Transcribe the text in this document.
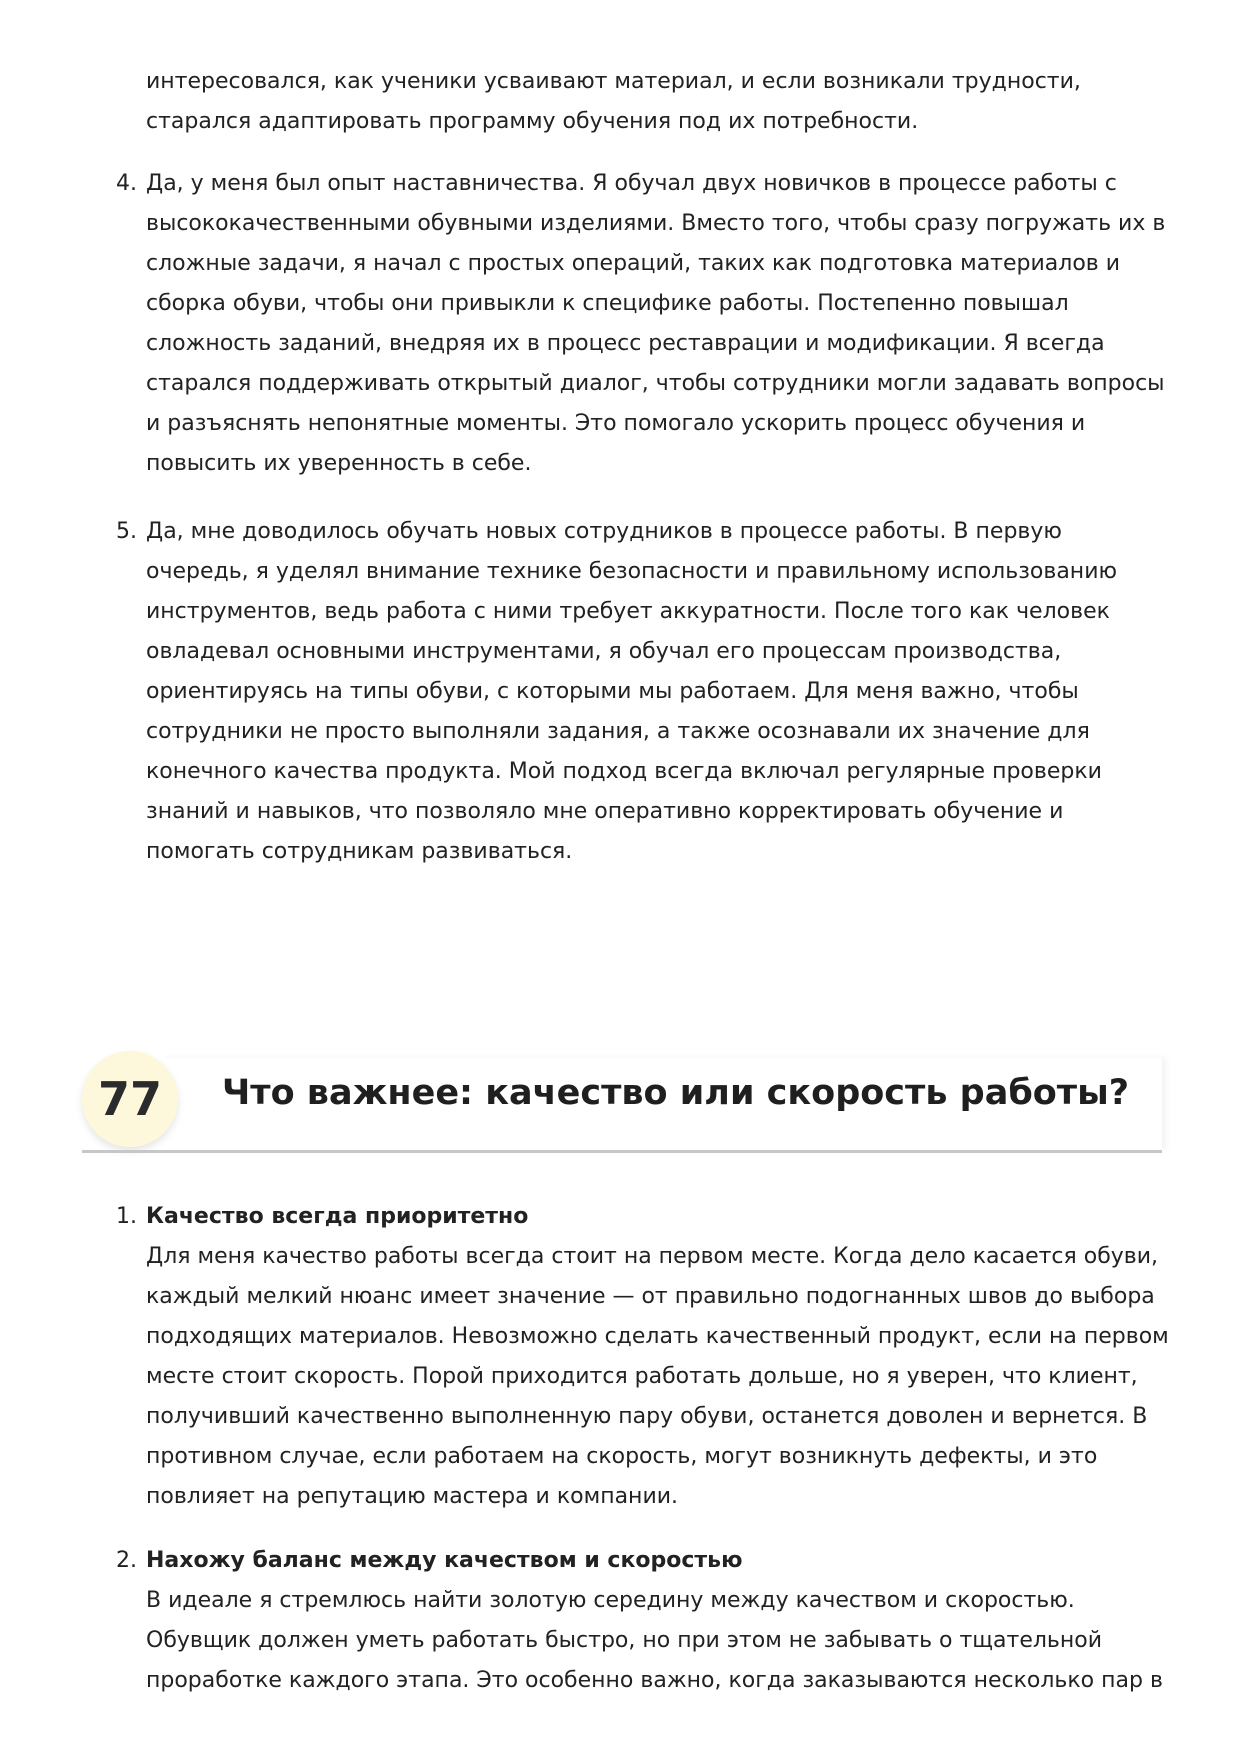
интересовался, как ученики усваивают материал, и если возникали трудности,
старался адаптировать программу обучения под их потребности.

4. Да, у меня был опыт наставничества. Я обучал двух новичков в процессе работы с
высококачественными обувными изделиями. Вместо того, чтобы сразу погружать их в
сложные задачи, я начал с простых операций, таких как подготовка материалов и
сборка обуви, чтобы они привыкли к специфике работы. Постепенно повышал
сложность заданий, внедряя их в процесс реставрации и модификации. Я всегда
старался поддерживать открытый диалог, чтобы сотрудники могли задавать вопросы
и разъяснять непонятные моменты. Это помогало ускорить процесс обучения и
повысить их уверенность в себе.

5. Да, мне доводилось обучать новых сотрудников в процессе работы. В первую
очередь, я уделял внимание технике безопасности и правильному использованию
инструментов, ведь работа с ними требует аккуратности. После того как человек
овладевал основными инструментами, я обучал его процессам производства,
ориентируясь на типы обуви, с которыми мы работаем. Для меня важно, чтобы
сотрудники не просто выполняли задания, а также осознавали их значение для
конечного качества продукта. Мой подход всегда включал регулярные проверки
знаний и навыков, что позволяло мне оперативно корректировать обучение и
помогать сотрудникам развиваться.

77	Что важнее: качество или скорость работы?
1. Качество всегда приоритетно
Для меня качество работы всегда стоит на первом месте. Когда дело касается обуви,
каждый мелкий нюанс имеет значение — от правильно подогнанных швов до выбора
подходящих материалов. Невозможно сделать качественный продукт, если на первом
месте стоит скорость. Порой приходится работать дольше, но я уверен, что клиент,
получивший качественно выполненную пару обуви, останется доволен и вернется. В
противном случае, если работаем на скорость, могут возникнуть дефекты, и это
повлияет на репутацию мастера и компании.

2. Нахожу баланс между качеством и скоростью
В идеале я стремлюсь найти золотую середину между качеством и скоростью.
Обувщик должен уметь работать быстро, но при этом не забывать о тщательной
проработке каждого этапа. Это особенно важно, когда заказываются несколько пар в
